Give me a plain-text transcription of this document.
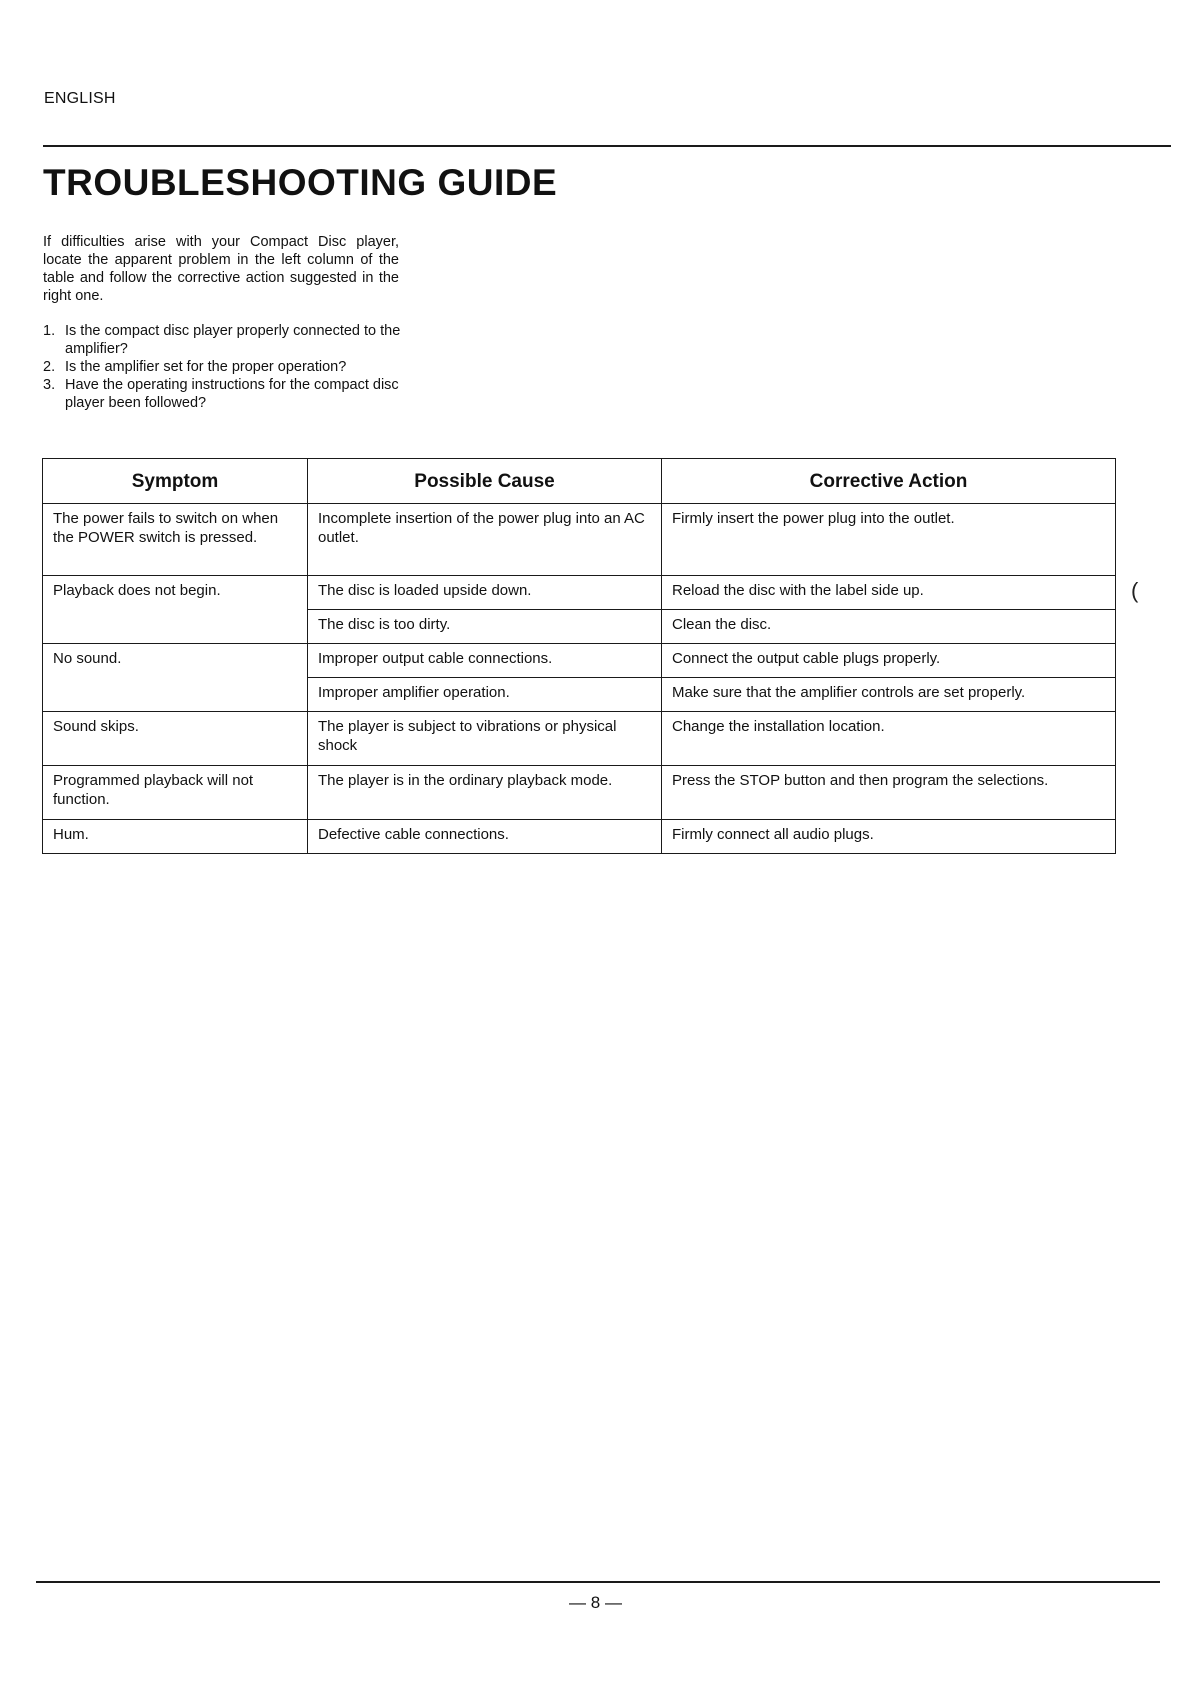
ENGLISH
TROUBLESHOOTING GUIDE

If difficulties arise with your Compact Disc player, locate the apparent problem in the left column of the table and follow the corrective action suggested in the right one.

1. Is the compact disc player properly connected to the amplifier?
2. Is the amplifier set for the proper operation?
3. Have the operating instructions for the compact disc player been followed?
Symptom	Possible Cause	Corrective Action
The power fails to switch on when the POWER switch is pressed.	Incomplete insertion of the power plug into an AC outlet.	Firmly insert the power plug into the outlet.
Playback does not begin.	The disc is loaded upside down.	Reload the disc with the label side up.
	The disc is too dirty.	Clean the disc.
No sound.	Improper output cable connections.	Connect the output cable plugs properly.
	Improper amplifier operation.	Make sure that the amplifier controls are set properly.
Sound skips.	The player is subject to vibrations or physical shock	Change the installation location.
Programmed playback will not function.	The player is in the ordinary playback mode.	Press the STOP button and then program the selections.
Hum.	Defective cable connections.	Firmly connect all audio plugs.
(
— 8 —
